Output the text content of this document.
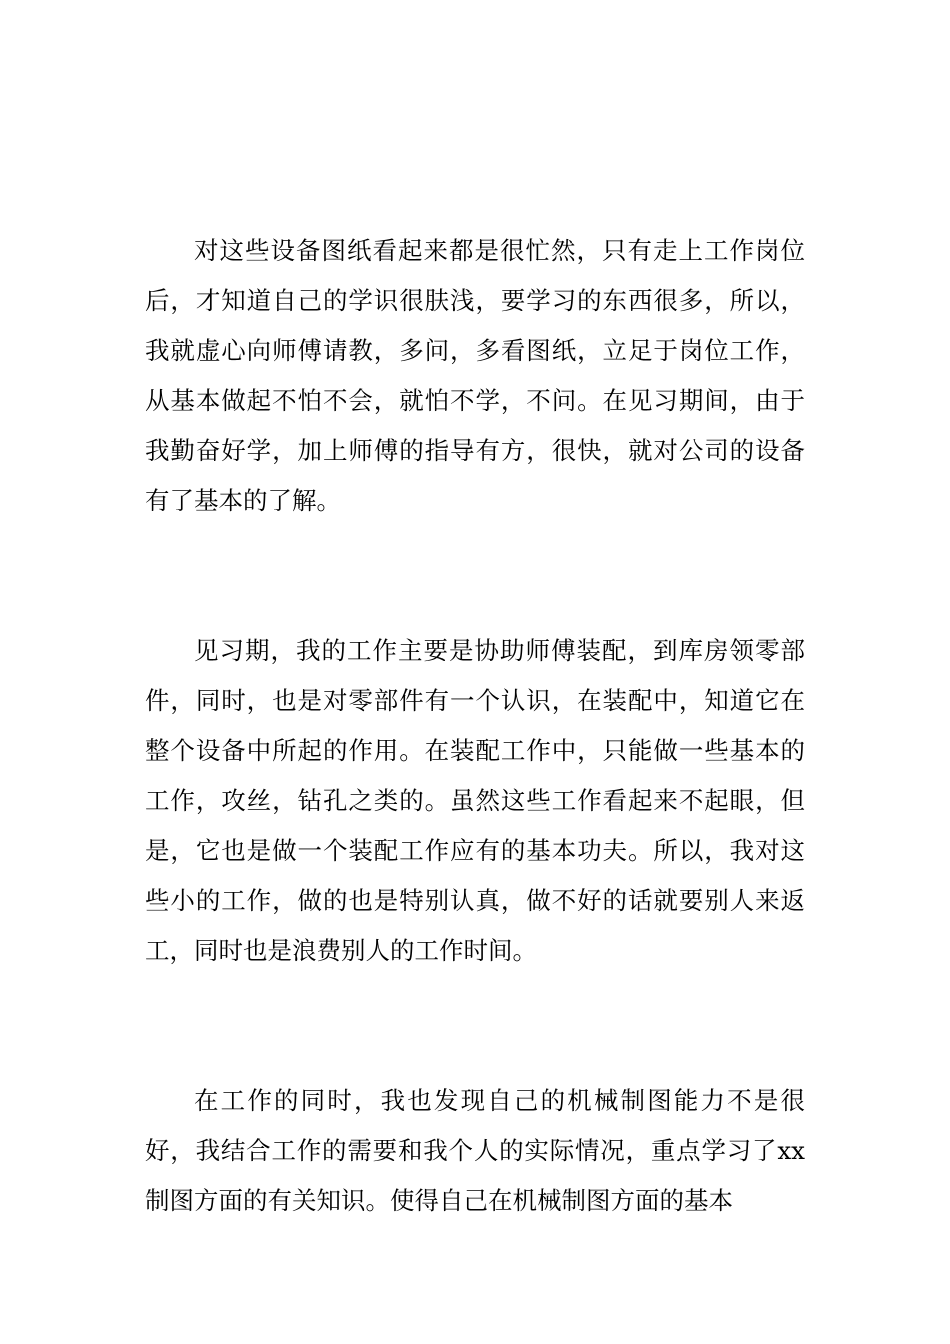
对这些设备图纸看起来都是很忙然，只有走上工作岗位后，才知道自己的学识很肤浅，要学习的东西很多，所以，我就虚心向师傅请教，多问，多看图纸，立足于岗位工作，从基本做起不怕不会，就怕不学，不问。在见习期间，由于我勤奋好学，加上师傅的指导有方，很快，就对公司的设备有了基本的了解。

见习期，我的工作主要是协助师傅装配，到库房领零部件，同时，也是对零部件有一个认识，在装配中，知道它在整个设备中所起的作用。在装配工作中，只能做一些基本的工作，攻丝，钻孔之类的。虽然这些工作看起来不起眼，但是，它也是做一个装配工作应有的基本功夫。所以，我对这些小的工作，做的也是特别认真，做不好的话就要别人来返工，同时也是浪费别人的工作时间。

在工作的同时，我也发现自己的机械制图能力不是很好，我结合工作的需要和我个人的实际情况，重点学习了xx制图方面的有关知识。使得自己在机械制图方面的基本
